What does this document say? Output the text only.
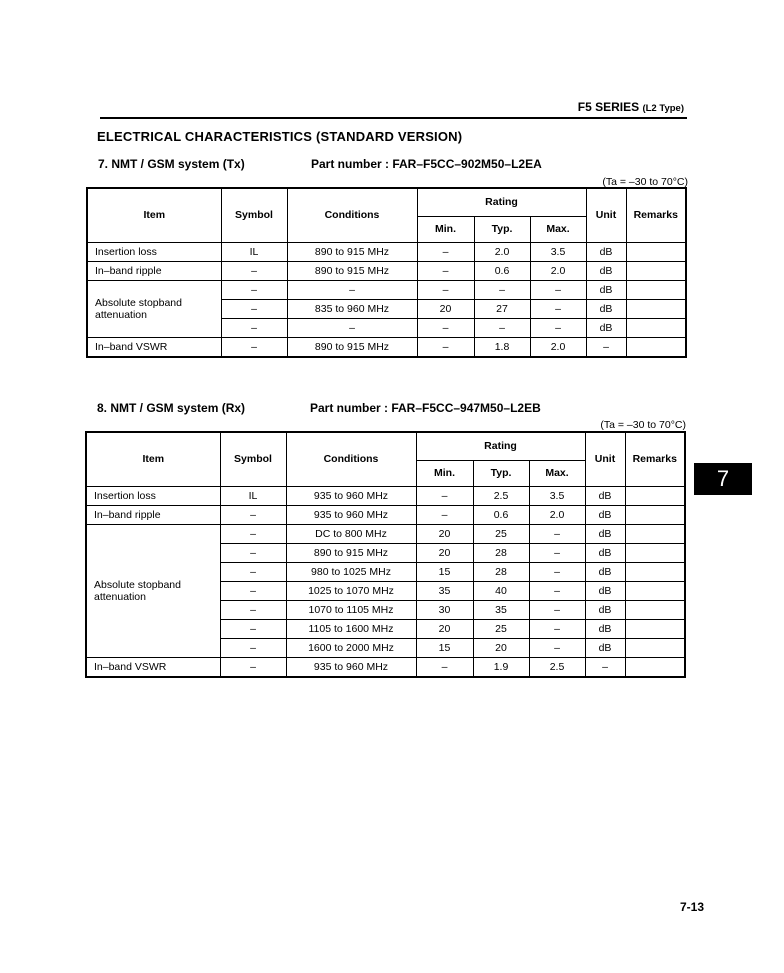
F5 SERIES (L2 Type)
ELECTRICAL CHARACTERISTICS (STANDARD VERSION)
7. NMT / GSM system (Tx)	Part number : FAR–F5CC–902M50–L2EA
(Ta = –30 to 70°C)
Item	Symbol	Conditions	Rating			Unit	Remarks
			Min.	Typ.	Max.		
Insertion loss	IL	890 to 915 MHz	–	2.0	3.5	dB	
In–band ripple	–	890 to 915 MHz	–	0.6	2.0	dB	
Absolute stopband attenuation	–	–	–	–	–	dB	
	–	835 to 960 MHz	20	27	–	dB	
	–	–	–	–	–	dB	
In–band VSWR	–	890 to 915 MHz	–	1.8	2.0	–	
8. NMT / GSM system (Rx)	Part number : FAR–F5CC–947M50–L2EB
(Ta = –30 to 70°C)
Item	Symbol	Conditions	Rating			Unit	Remarks
			Min.	Typ.	Max.		
Insertion loss	IL	935 to 960 MHz	–	2.5	3.5	dB	
In–band ripple	–	935 to 960 MHz	–	0.6	2.0	dB	
Absolute stopband attenuation	–	DC to 800 MHz	20	25	–	dB	
	–	890 to 915 MHz	20	28	–	dB	
	–	980 to 1025 MHz	15	28	–	dB	
	–	1025 to 1070 MHz	35	40	–	dB	
	–	1070 to 1105 MHz	30	35	–	dB	
	–	1105 to 1600 MHz	20	25	–	dB	
	–	1600 to 2000 MHz	15	20	–	dB	
In–band VSWR	–	935 to 960 MHz	–	1.9	2.5	–	
7
7-13
